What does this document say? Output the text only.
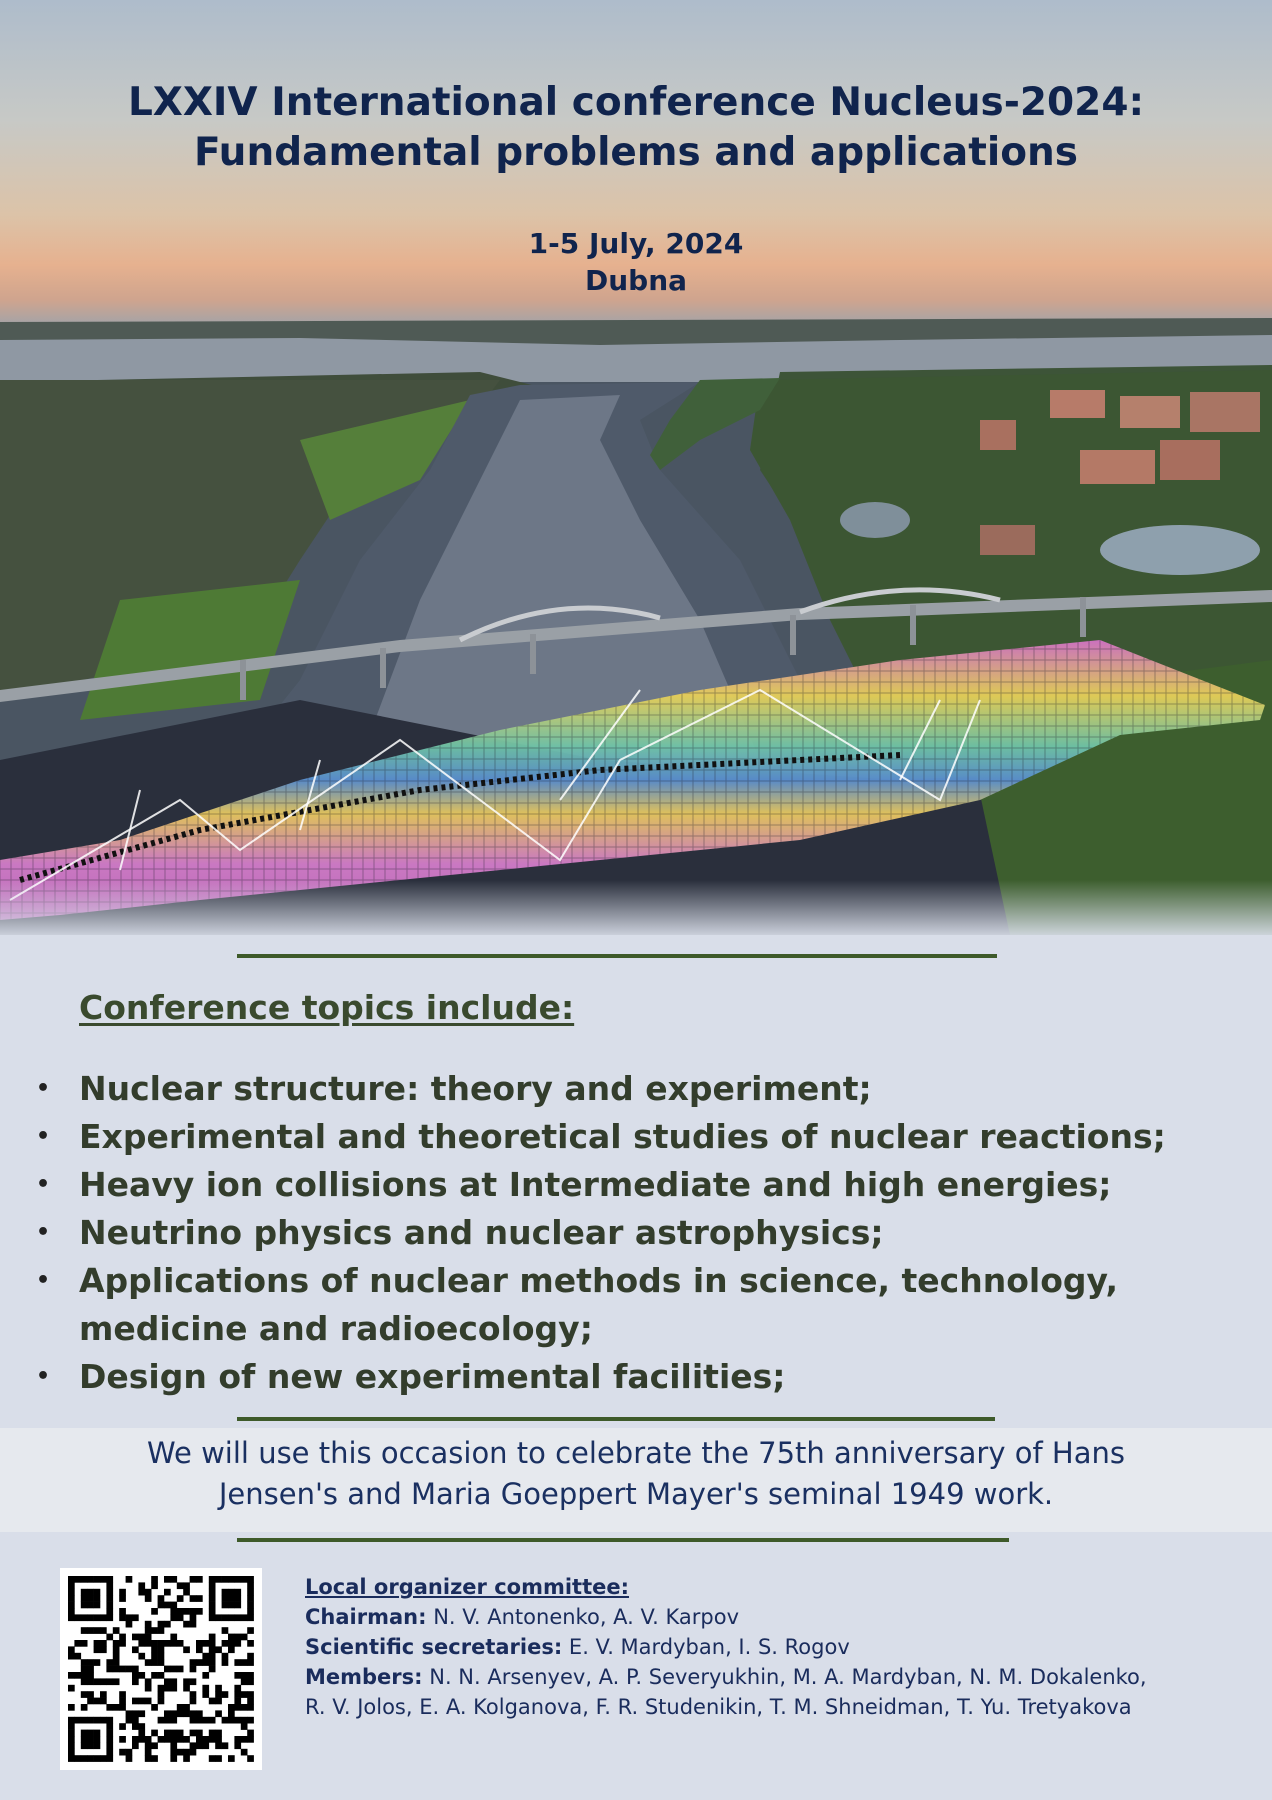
LXXIV International conference Nucleus-2024:
Fundamental problems and applications
1-5 July, 2024
Dubna
Conference topics include:
• Nuclear structure: theory and experiment;
• Experimental and theoretical studies of nuclear reactions;
• Heavy ion collisions at Intermediate and high energies;
• Neutrino physics and nuclear astrophysics;
• Applications of nuclear methods in science, technology, medicine and radioecology;
• Design of new experimental facilities;
We will use this occasion to celebrate the 75th anniversary of Hans
Jensen's and Maria Goeppert Mayer's seminal 1949 work.
Local organizer committee:
Chairman: N. V. Antonenko, A. V. Karpov
Scientific secretaries: E. V. Mardyban, I. S. Rogov
Members: N. N. Arsenyev, A. P. Severyukhin, M. A. Mardyban, N. M. Dokalenko,
R. V. Jolos, E. A. Kolganova, F. R. Studenikin, T. M. Shneidman, T. Yu. Tretyakova
